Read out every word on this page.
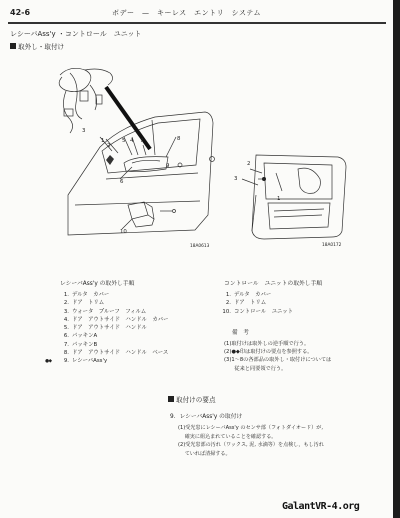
42-6	ボデー　—　キーレス　エントリ　システム
レシーバAss'y ・コントロール　ユニット
取外し・取付け
3
1
2
5 4 7	8
6
9
10
18A0613
2
3
1
18A0172
レシーバAss'y の取外し手順
1. デルタ　カバー
2. ドア　トリム
3. ウォータ　プルーフ　フィルム
4. ドア　アウトサイド　ハンドル　カバー
5. ドア　アウトサイド　ハンドル
6. パッキンA
7. パッキンB
8. ドア　アウトサイド　ハンドル　ベース
●◆ 9. レシーバAss'y
コントロール　ユニットの取外し手順
1. デルタ　カバー
2. ドア　トリム
10. コントロール　ユニット
備　考
(1)取付けは取外しの逆手順で行う。
(2)●◆印は取付けの要点を参照する。
(3)1～8の各部品の取外し・取付けについては
　　従来と同要領で行う。
取付けの要点
9．レシーバAss'y の取付け
(1)受光窓にレシーバAss'y のセンサ部（フォトダイオード）が,
　 確実に組込まれていることを確認する。
(2)受光窓部の汚れ（ワックス, 泥, 水滴等）を点検し，もし汚れ
　 ていれば清掃する。
GalantVR-4.org
